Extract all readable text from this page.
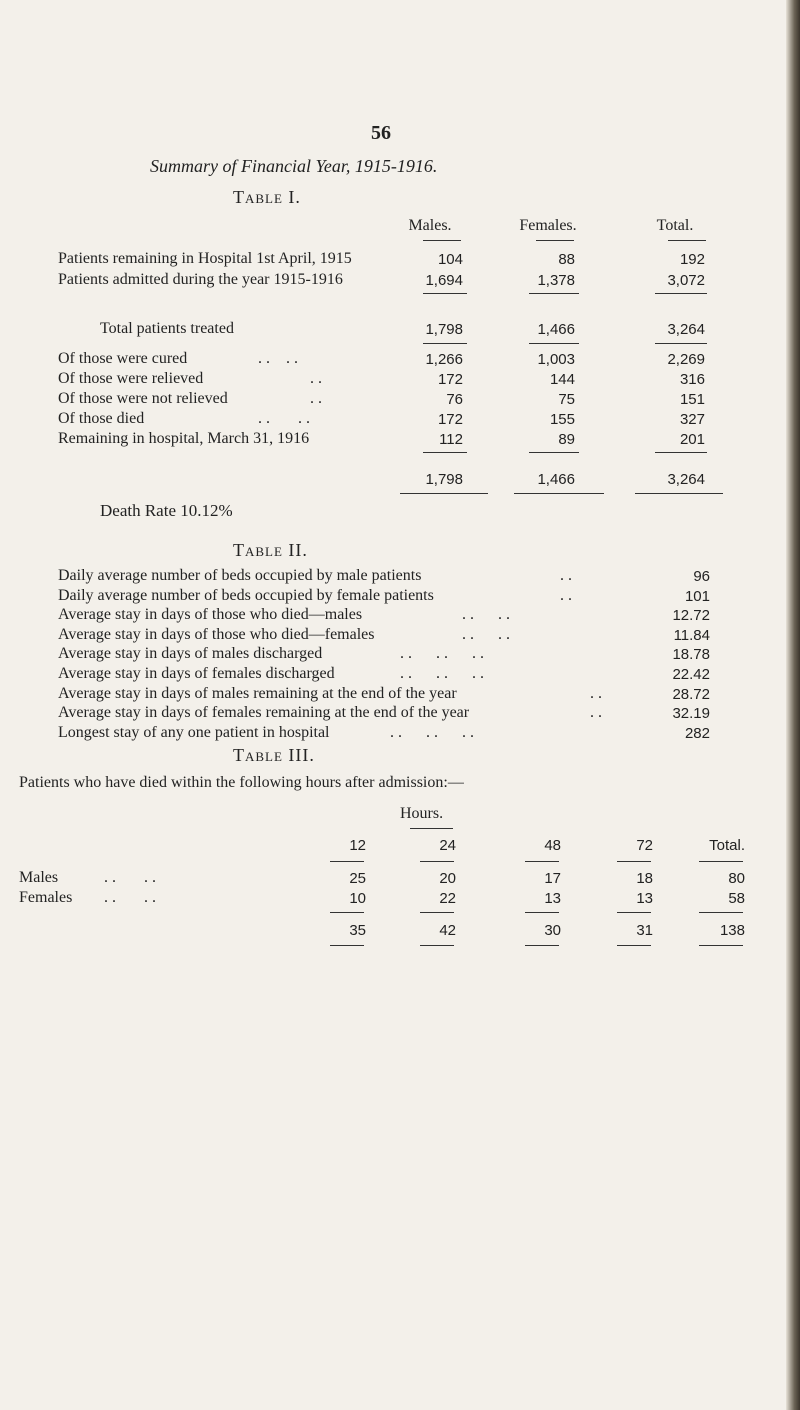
56
Summary of Financial Year, 1915-1916.
Table I.
Males.	Females.	Total.
Patients remaining in Hospital 1st April, 1915	104	88	192
Patients admitted during the year 1915-1916	1,694	1,378	3,072
Total patients treated	1,798	1,466	3,264
Of those were cured	. .    . .	1,266	1,003	2,269
Of those were relieved	. .	172	144	316
Of those were not relieved	. .	76	75	151
Of those died	. .       . .	172	155	327
Remaining in hospital, March 31, 1916	112	89	201
1,798	1,466	3,264
Death Rate 10.12%
Table II.
Daily average number of beds occupied by male patients	. .	96
Daily average number of beds occupied by female patients	. .	101
Average stay in days of those who died—males	. .      . .	12.72
Average stay in days of those who died—females	. .      . .	11.84
Average stay in days of males discharged	. .      . .      . .	18.78
Average stay in days of females discharged	. .      . .      . .	22.42
Average stay in days of males remaining at the end of the year	. .	28.72
Average stay in days of females remaining at the end of the year	. .	32.19
Longest stay of any one patient in hospital	. .      . .      . .	282
Table III.
Patients who have died within the following hours after admission:—
Hours.
12	24	48	72	Total.
Males	. .       . .	25	20	17	18	80
Females . .       . .	10	22	13	13	58
35	42	30	31	138
